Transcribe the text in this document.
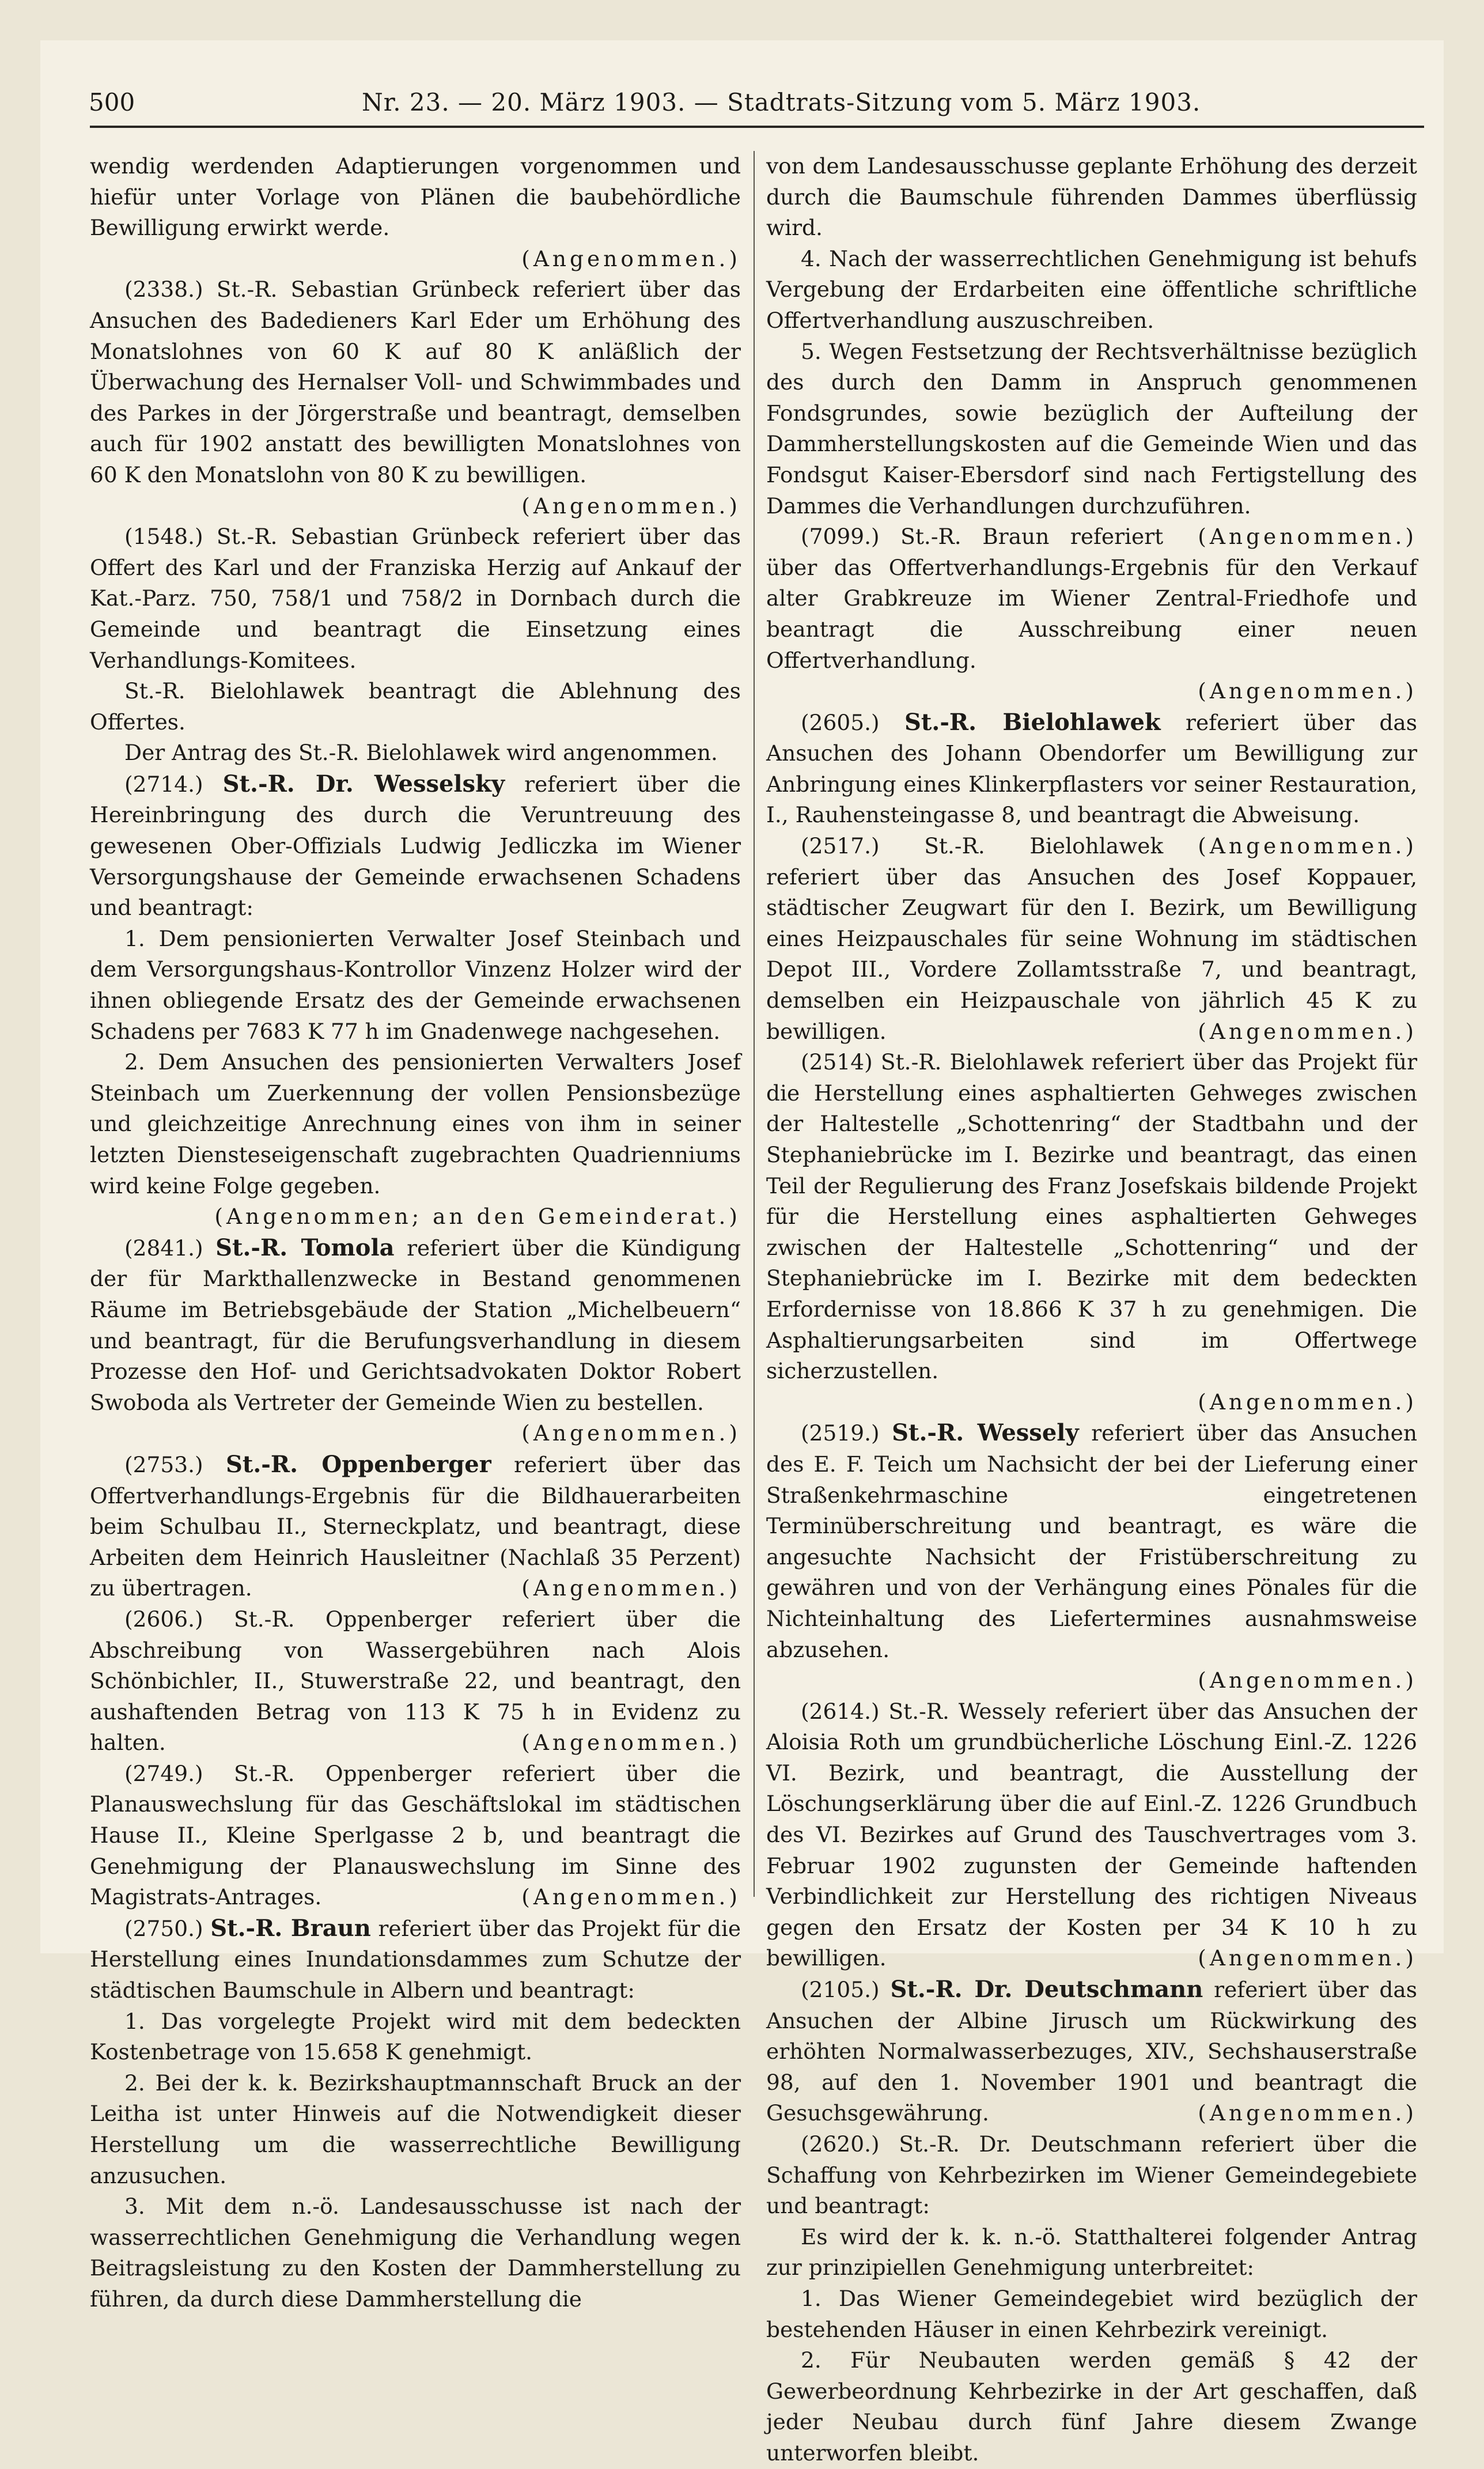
500	Nr. 23. — 20. März 1903. — Stadtrats-Sitzung vom 5. März 1903.

wendig werdenden Adaptierungen vorgenommen und hiefür unter Vorlage von Plänen die baubehördliche Bewilligung erwirkt werde.

(Angenommen.)

(2338.) St.-R. Sebastian Grünbeck referiert über das Ansuchen des Badedieners Karl Eder um Erhöhung des Monatslohnes von 60 K auf 80 K anläßlich der Überwachung des Hernalser Voll- und Schwimmbades und des Parkes in der Jörgerstraße und beantragt, demselben auch für 1902 anstatt des bewilligten Monatslohnes von 60 K den Monatslohn von 80 K zu bewilligen.

(Angenommen.)

(1548.) St.-R. Sebastian Grünbeck referiert über das Offert des Karl und der Franziska Herzig auf Ankauf der Kat.-Parz. 750, 758/1 und 758/2 in Dornbach durch die Gemeinde und beantragt die Einsetzung eines Verhandlungs-Komitees.

St.-R. Bielohlawek beantragt die Ablehnung des Offertes.

Der Antrag des St.-R. Bielohlawek wird angenommen.

(2714.) St.-R. Dr. Wesselsky referiert über die Hereinbringung des durch die Veruntreuung des gewesenen Ober-Offizials Ludwig Jedliczka im Wiener Versorgungshause der Gemeinde erwachsenen Schadens und beantragt:

1. Dem pensionierten Verwalter Josef Steinbach und dem Versorgungshaus-Kontrollor Vinzenz Holzer wird der ihnen obliegende Ersatz des der Gemeinde erwachsenen Schadens per 7683 K 77 h im Gnadenwege nachgesehen.

2. Dem Ansuchen des pensionierten Verwalters Josef Steinbach um Zuerkennung der vollen Pensionsbezüge und gleichzeitige Anrechnung eines von ihm in seiner letzten Diensteseigenschaft zugebrachten Quadrienniums wird keine Folge gegeben.

(Angenommen; an den Gemeinderat.)

(2841.) St.-R. Tomola referiert über die Kündigung der für Markthallenzwecke in Bestand genommenen Räume im Betriebsgebäude der Station „Michelbeuern“ und beantragt, für die Berufungsverhandlung in diesem Prozesse den Hof- und Gerichtsadvokaten Doktor Robert Swoboda als Vertreter der Gemeinde Wien zu bestellen.

(Angenommen.)

(2753.) St.-R. Oppenberger referiert über das Offertverhandlungs-Ergebnis für die Bildhauerarbeiten beim Schulbau II., Sterneckplatz, und beantragt, diese Arbeiten dem Heinrich Hausleitner (Nachlaß 35 Perzent) zu übertragen. 	(Angenommen.)

(2606.) St.-R. Oppenberger referiert über die Abschreibung von Wassergebühren nach Alois Schönbichler, II., Stuwerstraße 22, und beantragt, den aushaftenden Betrag von 113 K 75 h in Evidenz zu halten. 	(Angenommen.)

(2749.) St.-R. Oppenberger referiert über die Planauswechslung für das Geschäftslokal im städtischen Hause II., Kleine Sperlgasse 2 b, und beantragt die Genehmigung der Planauswechslung im Sinne des Magistrats-Antrages. 	(Angenommen.)

(2750.) St.-R. Braun referiert über das Projekt für die Herstellung eines Inundationsdammes zum Schutze der städtischen Baumschule in Albern und beantragt:

1. Das vorgelegte Projekt wird mit dem bedeckten Kostenbetrage von 15.658 K genehmigt.

2. Bei der k. k. Bezirkshauptmannschaft Bruck an der Leitha ist unter Hinweis auf die Notwendigkeit dieser Herstellung um die wasserrechtliche Bewilligung anzusuchen.

3. Mit dem n.-ö. Landesausschusse ist nach der wasserrechtlichen Genehmigung die Verhandlung wegen Beitragsleistung zu den Kosten der Dammherstellung zu führen, da durch diese Dammherstellung die

von dem Landesausschusse geplante Erhöhung des derzeit durch die Baumschule führenden Dammes überflüssig wird.

4. Nach der wasserrechtlichen Genehmigung ist behufs Vergebung der Erdarbeiten eine öffentliche schriftliche Offertverhandlung auszuschreiben.

5. Wegen Festsetzung der Rechtsverhältnisse bezüglich des durch den Damm in Anspruch genommenen Fondsgrundes, sowie bezüglich der Aufteilung der Dammherstellungskosten auf die Gemeinde Wien und das Fondsgut Kaiser-Ebersdorf sind nach Fertigstellung des Dammes die Verhandlungen durchzuführen. 
(Angenommen.)

(7099.) St.-R. Braun referiert über das Offertverhandlungs-Ergebnis für den Verkauf alter Grabkreuze im Wiener Zentral-Friedhofe und beantragt die Ausschreibung einer neuen Offertverhandlung.

(Angenommen.)

(2605.) St.-R. Bielohlawek referiert über das Ansuchen des Johann Obendorfer um Bewilligung zur Anbringung eines Klinkerpflasters vor seiner Restauration, I., Rauhensteingasse 8, und beantragt die Abweisung. 
(Angenommen.)

(2517.) St.-R. Bielohlawek referiert über das Ansuchen des Josef Koppauer, städtischer Zeugwart für den I. Bezirk, um Bewilligung eines Heizpauschales für seine Wohnung im städtischen Depot III., Vordere Zollamtsstraße 7, und beantragt, demselben ein Heizpauschale von jährlich 45 K zu bewilligen. 	(Angenommen.)

(2514) St.-R. Bielohlawek referiert über das Projekt für die Herstellung eines asphaltierten Gehweges zwischen der Haltestelle „Schottenring“ der Stadtbahn und der Stephaniebrücke im I. Bezirke und beantragt, das einen Teil der Regulierung des Franz Josefskais bildende Projekt für die Herstellung eines asphaltierten Gehweges zwischen der Haltestelle „Schottenring“ und der Stephaniebrücke im I. Bezirke mit dem bedeckten Erfordernisse von 18.866 K 37 h zu genehmigen. Die Asphaltierungsarbeiten sind im Offertwege sicherzustellen.

(Angenommen.)

(2519.) St.-R. Wessely referiert über das Ansuchen des E. F. Teich um Nachsicht der bei der Lieferung einer Straßenkehrmaschine eingetretenen Terminüberschreitung und beantragt, es wäre die angesuchte Nachsicht der Fristüberschreitung zu gewähren und von der Verhängung eines Pönales für die Nichteinhaltung des Liefertermines ausnahmsweise abzusehen.

(Angenommen.)

(2614.) St.-R. Wessely referiert über das Ansuchen der Aloisia Roth um grundbücherliche Löschung Einl.-Z. 1226 VI. Bezirk, und beantragt, die Ausstellung der Löschungserklärung über die auf Einl.-Z. 1226 Grundbuch des VI. Bezirkes auf Grund des Tauschvertrages vom 3. Februar 1902 zugunsten der Gemeinde haftenden Verbindlichkeit zur Herstellung des richtigen Niveaus gegen den Ersatz der Kosten per 34 K 10 h zu bewilligen. 	(Angenommen.)

(2105.) St.-R. Dr. Deutschmann referiert über das Ansuchen der Albine Jirusch um Rückwirkung des erhöhten Normalwasserbezuges, XIV., Sechshauserstraße 98, auf den 1. November 1901 und beantragt die Gesuchsgewährung. 	(Angenommen.)

(2620.) St.-R. Dr. Deutschmann referiert über die Schaffung von Kehrbezirken im Wiener Gemeindegebiete und beantragt:

Es wird der k. k. n.-ö. Statthalterei folgender Antrag zur prinzipiellen Genehmigung unterbreitet:

1. Das Wiener Gemeindegebiet wird bezüglich der bestehenden Häuser in einen Kehrbezirk vereinigt.

2. Für Neubauten werden gemäß § 42 der Gewerbeordnung Kehrbezirke in der Art geschaffen, daß jeder Neubau durch fünf Jahre diesem Zwange unterworfen bleibt.
